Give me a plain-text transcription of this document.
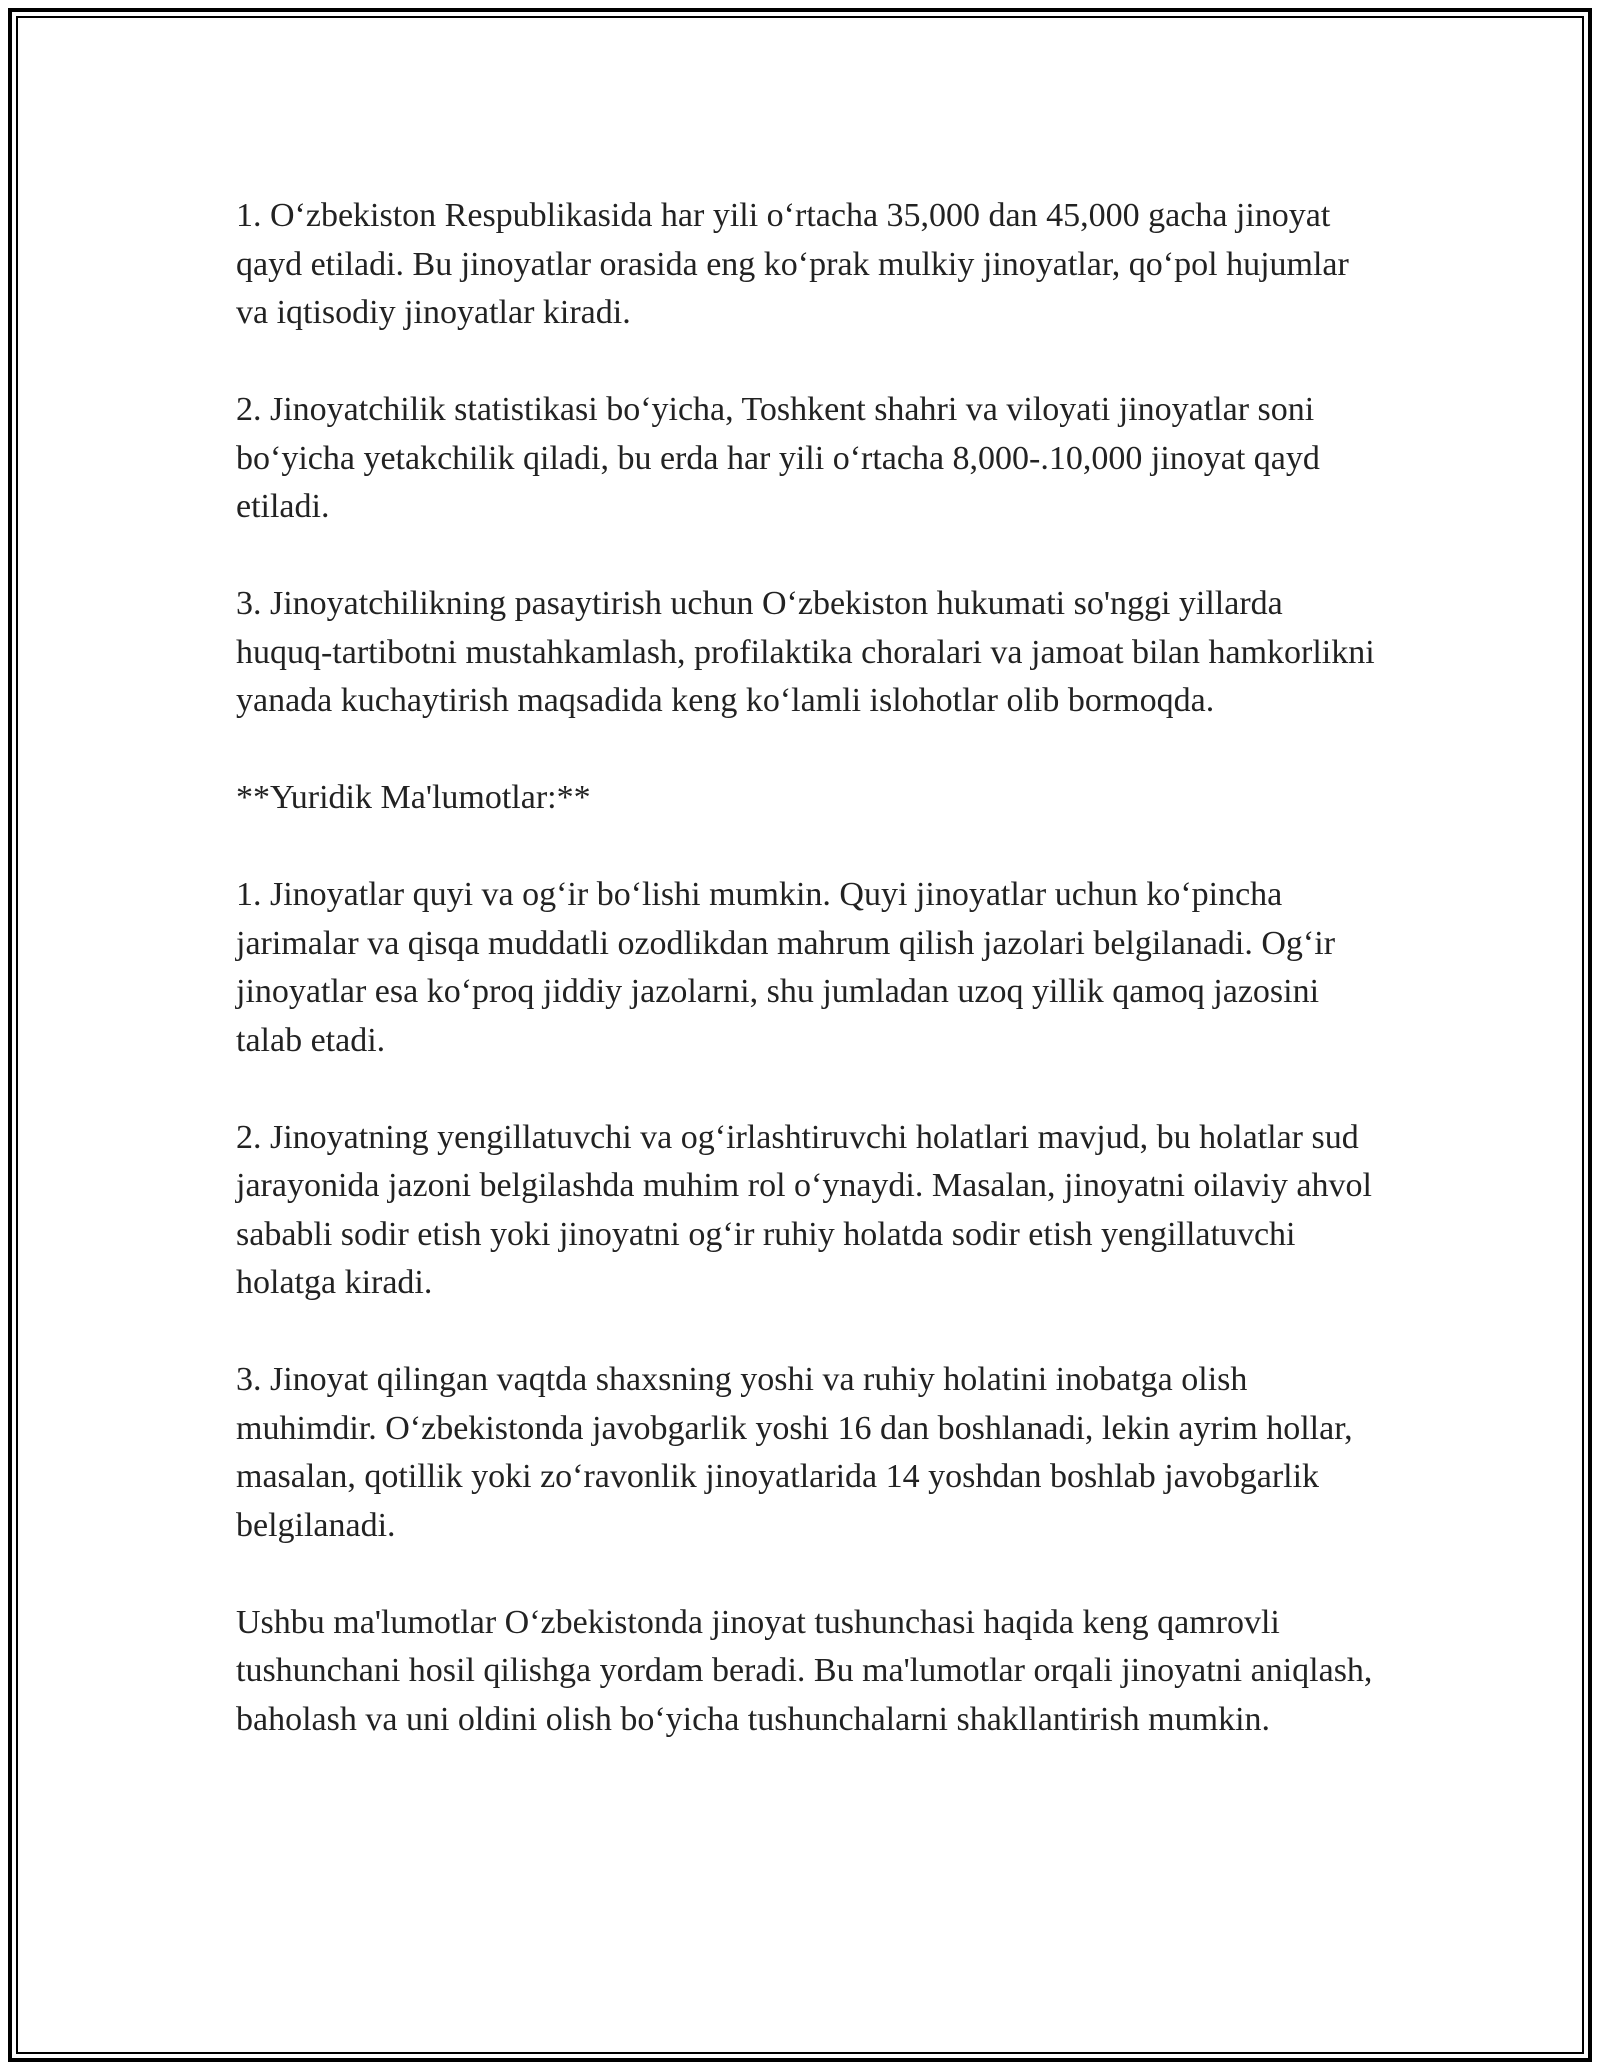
1. O‘zbekiston Respublikasida har yili o‘rtacha 35,000 dan 45,000 gacha jinoyat qayd etiladi. Bu jinoyatlar orasida eng ko‘prak mulkiy jinoyatlar, qo‘pol hujumlar va iqtisodiy jinoyatlar kiradi.

2. Jinoyatchilik statistikasi bo‘yicha, Toshkent shahri va viloyati jinoyatlar soni bo‘yicha yetakchilik qiladi, bu erda har yili o‘rtacha 8,000-.10,000 jinoyat qayd etiladi.

3. Jinoyatchilikning pasaytirish uchun O‘zbekiston hukumati so'nggi yillarda huquq-tartibotni mustahkamlash, profilaktika choralari va jamoat bilan hamkorlikni yanada kuchaytirish maqsadida keng ko‘lamli islohotlar olib bormoqda.

**Yuridik Ma'lumotlar:**

1. Jinoyatlar quyi va og‘ir bo‘lishi mumkin. Quyi jinoyatlar uchun ko‘pincha jarimalar va qisqa muddatli ozodlikdan mahrum qilish jazolari belgilanadi. Og‘ir jinoyatlar esa ko‘proq jiddiy jazolarni, shu jumladan uzoq yillik qamoq jazosini talab etadi.

2. Jinoyatning yengillatuvchi va og‘irlashtiruvchi holatlari mavjud, bu holatlar sud jarayonida jazoni belgilashda muhim rol o‘ynaydi. Masalan, jinoyatni oilaviy ahvol sababli sodir etish yoki jinoyatni og‘ir ruhiy holatda sodir etish yengillatuvchi holatga kiradi.

3. Jinoyat qilingan vaqtda shaxsning yoshi va ruhiy holatini inobatga olish muhimdir. O‘zbekistonda javobgarlik yoshi 16 dan boshlanadi, lekin ayrim hollar, masalan, qotillik yoki zo‘ravonlik jinoyatlarida 14 yoshdan boshlab javobgarlik belgilanadi.

Ushbu ma'lumotlar O‘zbekistonda jinoyat tushunchasi haqida keng qamrovli tushunchani hosil qilishga yordam beradi. Bu ma'lumotlar orqali jinoyatni aniqlash, baholash va uni oldini olish bo‘yicha tushunchalarni shakllantirish mumkin.
